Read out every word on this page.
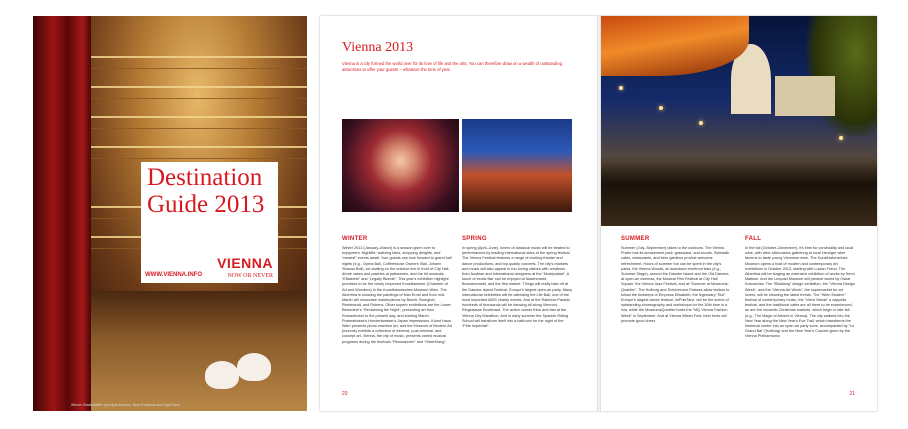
Destination
Guide 2013
VIENNA
NOW OR NEVER
WWW.VIENNA.INFO
Wiener Staatsballett: principal dancers, Nina Poláková and Olga Esina
Vienna 2013

Vienna is a city formed the world over for its love of life and the arts. You can therefore draw on a wealth of outstanding attractions to offer your guests – whatever the time of year.

WINTER

Winter 2013 (January–March) is a season given over to enjoyment. Nightlife, waltzing bites, shopping delights, and “newest” events await. Your guests can look forward to grand ball nights (e.g., Opera Ball, Coffeehouse Owners' Ball, Johann Strauss Ball), ice skating on the outdoor rink in front of City Hall, divine cakes and pastries at patisseries, and the hit musicals “Elisabeth” and “Legally Blonde”. This year's exhibition highlight promises to be the newly reopened Kunstkammer (Chamber of Art and Wonders) in the Kunsthistorisches Museum Wien. The Albertina is showing the paintings of Max Ernst and from mid-March will showcase masterpieces by Bosch, Brueghel, Rembrandt, and Rubens. Other superb exhibitions are the Lower Belvedere's “Reclaiming the Night”, presenting art from Romanticism to the present day, and starting March, Praterstrasse's Hundertwasser's Japan impressions. Kunst Haus Wien presents photo machine art, and the Museum of Modern Art (mumok) exhibits a collection of minimal, post-minimal, and concept art. Vienna, the city of music, presents varied musical programs during the festivals “Resonanzen” and “OsterKlang”.

SPRING

In spring (April–June), lovers of classical music will be treated to performances by leading international stars at the spring festival. The Vienna Festival features a range of exciting theater and dance productions, and top-quality concerts. The city's markets and music will also appeal to fun-loving visitors with creations from Austrian and international designers at the “Modepalast”. A touch of exotic flair can be enjoyed at Naschmarkt, Brunnenmarkt, and the flea market. Things will really take off at the Danube Island Festival, Europe's largest open-air party. Many international celebrities will be attending the Life Ball, one of the most important AIDS charity events. And at the Rainbow Parade, hundreds of thousands will be dancing all along Vienna's Ringstrasse Boulevard. The action comes thick and fast at the Vienna City Marathon. And in early summer the Spanish Riding School will transform itself into a ballroom for the night of the “Fête Impériale”.

20
SUMMER

Summer (July–September) takes to the outdoors. The Vienna Prater has its amusement park, grassland, and woods. Sidewalk cafés, restaurants, and beer gardens provide welcome refreshment. Hours of summer fun can be spent in the city's parks, the Vienna Woods, at downtown riverfront bars (e.g., Summer Stage), around the Danube Island and the Old Danube, at open-air cinemas, the Musical Film Festival at City Hall Square, the Vienna Jazz Festival, and at “Summer at Museums-Quartier”. The Hofburg and Schönbrunn Palaces allow visitors to follow the footsteps of Empress Elisabeth, the legendary “Sisi”. Europe's largest dance festival, ImPulsTanz, will be the scene of outstanding choreography and workshops for the 30th time in a row, while the MuseumsQuartier hosts the “MQ Vienna Fashion Week” in September. And at Vienna Wiesn-Fest, beer tents will promote good cheer.

FALL

In the fall (October–December), it's time for conviviality and local wine, with wine aficionados gathering at local Heuriger wine taverns to taste young Viennese wine. The Kunsthistorisches Museum opens a host of modern and contemporary art exhibitions in October 2013, starting with Lucian Freud. The Albertina will be staging an extensive exhibition of works by Henri Matisse. And the Leopold Museum will present works by Oskar Kokoschka. The “Blickfang” design exhibition, the “Vienna Design Week”, and the “Vienna Art Week”, the supermarket for art lovers, will be showing the latest trends. The “Wien Modern” festival of contemporary music, the “Voice Mania” a cappella festival, and the traditional cafés are all there to be experienced, as are the romantic Christmas markets, which begin in late fall (e.g., The Magic of Advent in Vienna). The city waltzes into the New Year along the New Year's Eve Trail, which transforms the historical center into an open-air party zone, accompanied by “Le Grand Bal” (Hofburg) and the New Year's Concert given by the Vienna Philharmonic.

21
